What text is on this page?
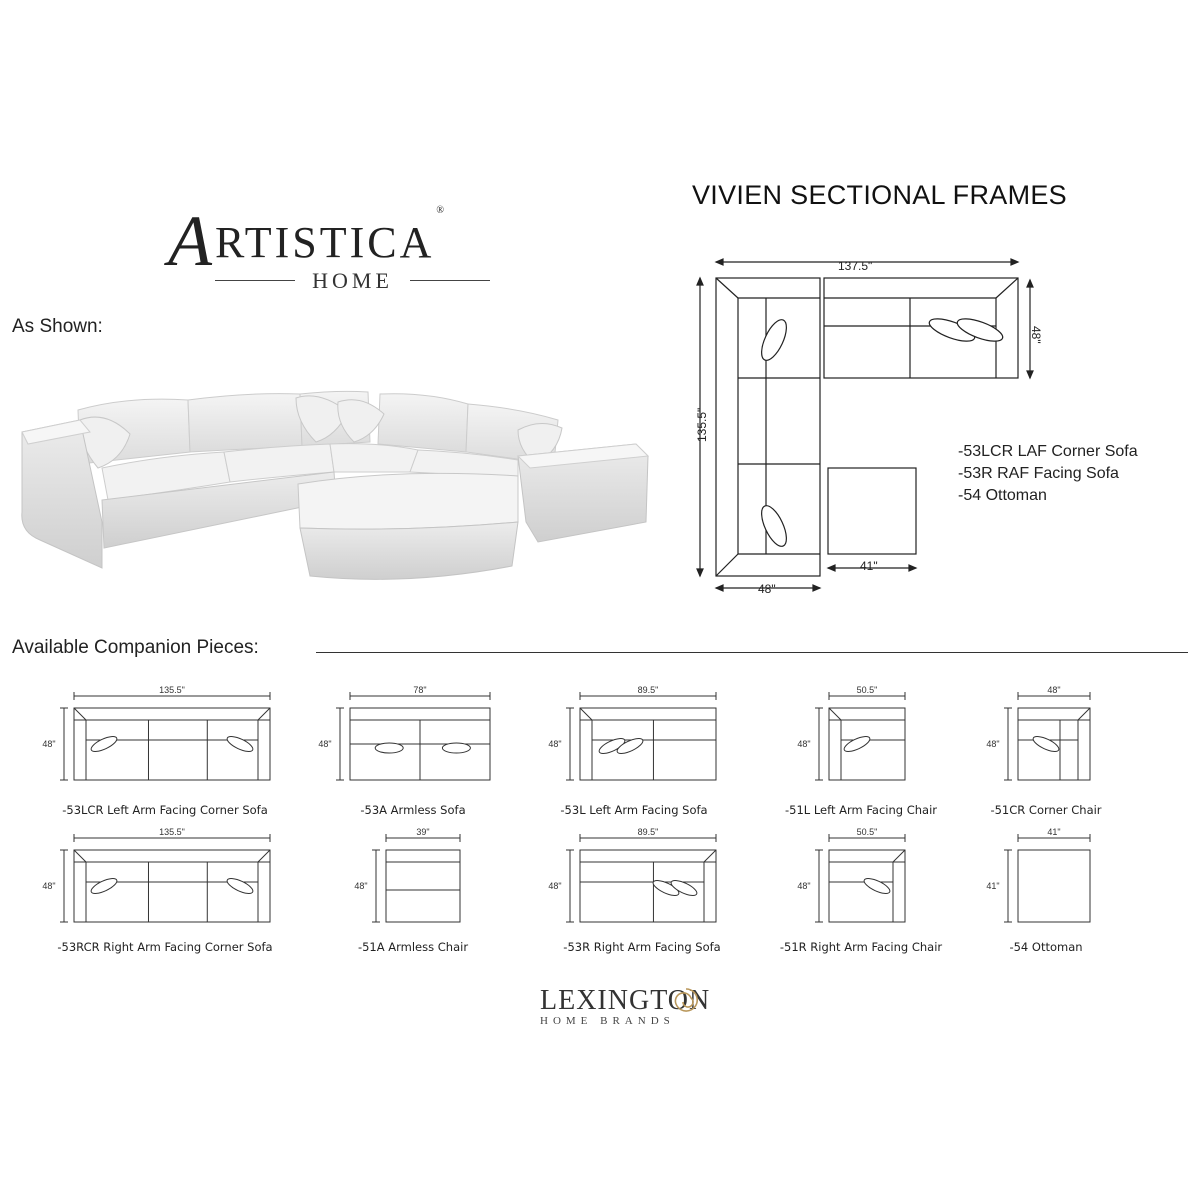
ARTISTICA®
HOME
As Shown:
VIVIEN SECTIONAL FRAMES
137.5"
135.5"
48"
48"
41"
-53LCR LAF Corner Sofa
-53R RAF Facing Sofa
-54 Ottoman
Available Companion Pieces:
135.5"
48"
78"
48"
89.5"
48"
50.5"
48"
48"
48"
135.5"
48"
39"
48"
89.5"
48"
50.5"
48"
41"
41"
-53LCR Left Arm Facing Corner Sofa	-53A Armless Sofa	-53L Left Arm Facing Sofa	-51L Left Arm Facing Chair	-51CR Corner Chair
-53RCR Right Arm Facing Corner Sofa	-51A Armless Chair	-53R Right Arm Facing Sofa	-51R Right Arm Facing Chair	-54 Ottoman
LEXINGTON
HOME BRANDS
